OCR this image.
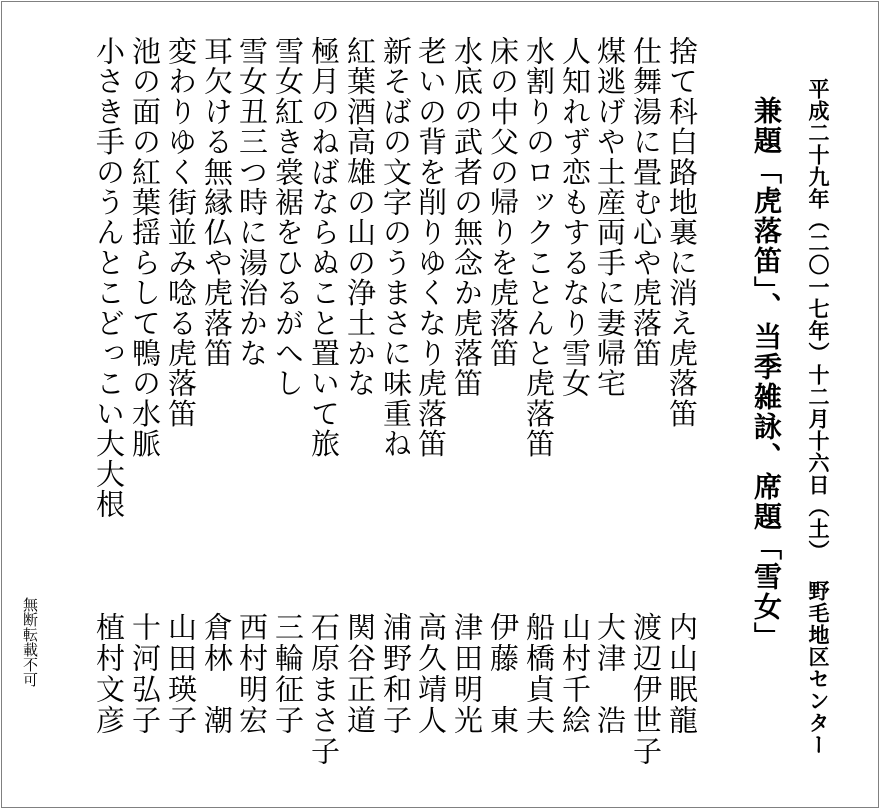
平成二十九年（二〇一七年）十二月十六日（土）野毛地区センター
兼題「虎落笛」、当季雑詠、席題「雪女」
捨て科白路地裏に消え虎落笛
内山眠龍
仕舞湯に畳む心や虎落笛
渡辺伊世子
煤逃げや土産両手に妻帰宅
大津　浩
人知れず恋もするなり雪女
山村千絵
水割りのロックことんと虎落笛
船橋貞夫
床の中父の帰りを虎落笛
伊藤　東
水底の武者の無念か虎落笛
津田明光
老いの背を削りゆくなり虎落笛
高久靖人
新そばの文字のうまさに味重ね
浦野和子
紅葉酒高雄の山の浄土かな
関谷正道
極月のねばならぬこと置いて旅
石原まさ子
雪女紅き裳裾をひるがへし
三輪征子
雪女丑三つ時に湯治かな
西村明宏
耳欠ける無縁仏や虎落笛
倉林　潮
変わりゆく街並み唸る虎落笛
山田瑛子
池の面の紅葉揺らして鴨の水脈
十河弘子
小さき手のうんとこどっこい大大根
植村文彦
無断転載不可
